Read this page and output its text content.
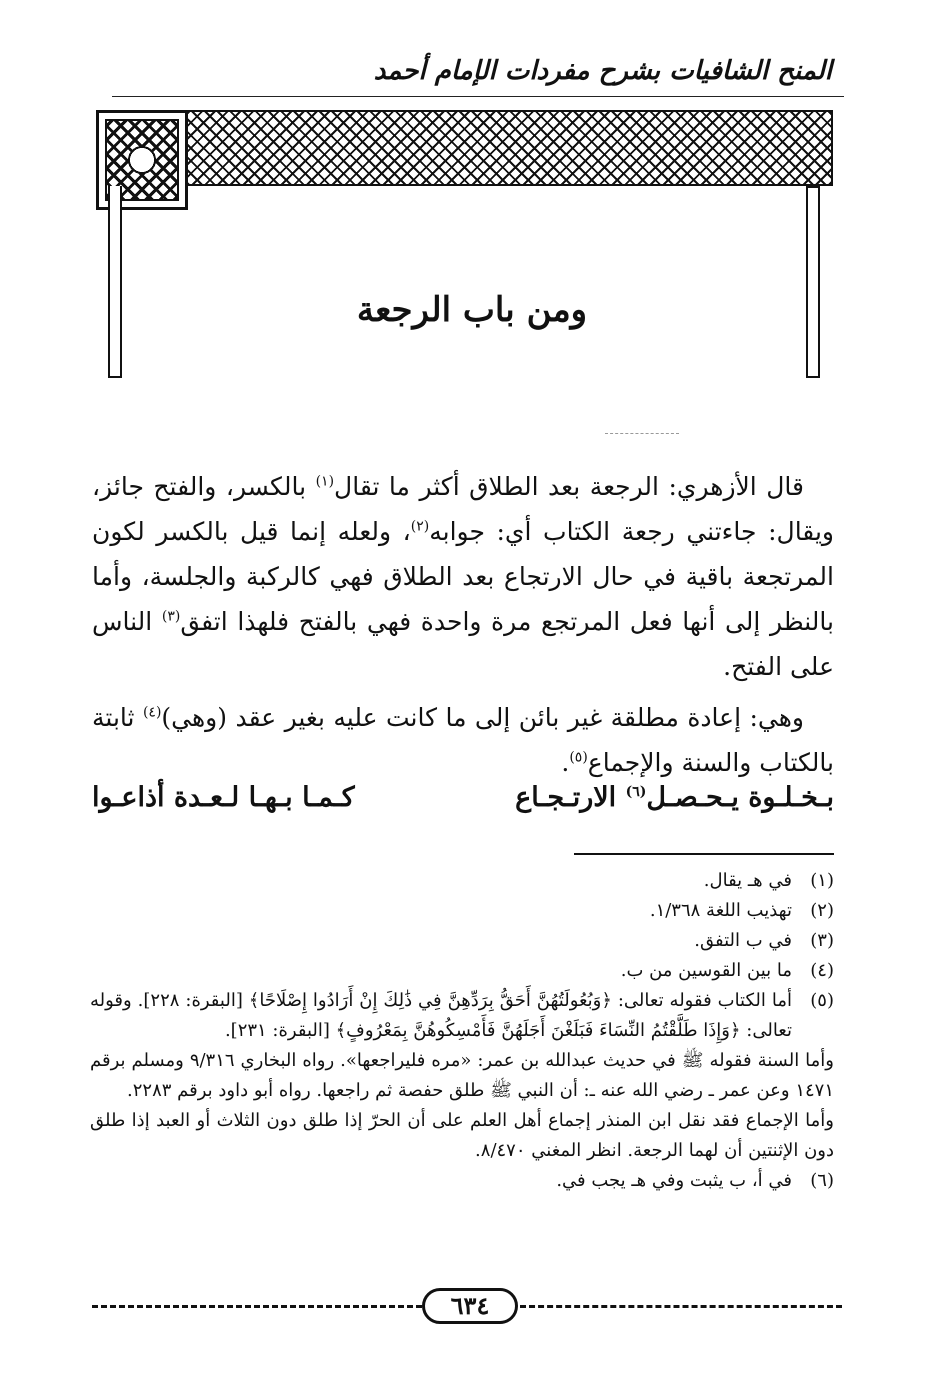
المنح الشافيات بشرح مفردات الإمام أحمد
ومن باب الرجعة

قال الأزهري: الرجعة بعد الطلاق أكثر ما تقال$^{(١)}$ بالكسر، والفتح جائز، ويقال: جاءتني رجعة الكتاب أي: جوابه$^{(٢)}$، ولعله إنما قيل بالكسر لكون المرتجعة باقية في حال الارتجاع بعد الطلاق فهي كالركبة والجلسة، وأما بالنظر إلى أنها فعل المرتجع مرة واحدة فهي بالفتح فلهذا اتفق$^{(٣)}$ الناس على الفتح.

وهي: إعادة مطلقة غير بائن إلى ما كانت عليه بغير عقد (وهي)$^{(٤)}$ ثابتة بالكتاب والسنة والإجماع$^{(٥)}$.

بـخـلـوة يـحـصـل$^{(٦)}$ الارتـجـاع
كـمـا بـهـا لـعـدة أذاعـوا
(١)
في هـ يقال.
(٢)
تهذيب اللغة ١/٣٦٨.
(٣)
في ب التفق.
(٤)
ما بين القوسين من ب.
(٥)
أما الكتاب فقوله تعالى: ﴿وَبُعُولَتُهُنَّ أَحَقُّ بِرَدِّهِنَّ فِي ذَٰلِكَ إِنْ أَرَادُوا إِصْلَاحًا﴾ [البقرة: ٢٢٨]. وقوله تعالى: ﴿وَإِذَا طَلَّقْتُمُ النِّسَاءَ فَبَلَغْنَ أَجَلَهُنَّ فَأَمْسِكُوهُنَّ بِمَعْرُوفٍ﴾ [البقرة: ٢٣١].
وأما السنة فقوله ﷺ في حديث عبدالله بن عمر: «مره فليراجعها». رواه البخاري ٩/٣١٦ ومسلم برقم ١٤٧١ وعن عمر ـ رضي الله عنه ـ: أن النبي ﷺ طلق حفصة ثم راجعها. رواه أبو داود برقم ٢٢٨٣.
وأما الإجماع فقد نقل ابن المنذر إجماع أهل العلم على أن الحرّ إذا طلق دون الثلاث أو العبد إذا طلق دون الإثنتين أن لهما الرجعة. انظر المغني ٨/٤٧٠.
(٦)
في أ، ب يثبت وفي هـ يجب في.
٦٣٤
